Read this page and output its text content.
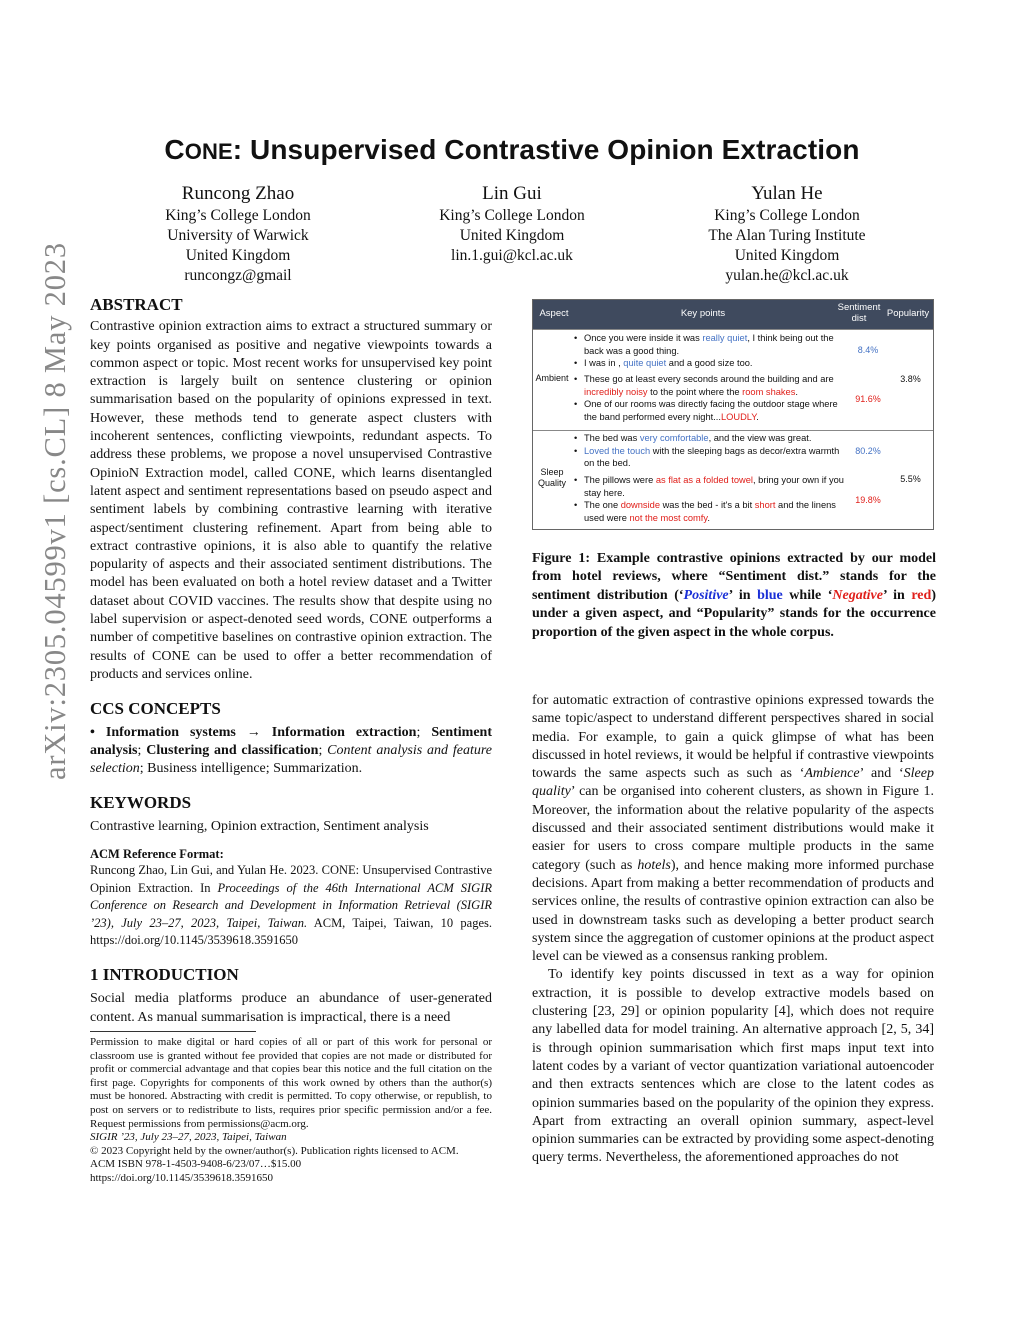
CONE: Unsupervised Contrastive Opinion Extraction
Runcong Zhao
King’s College London
University of Warwick
United Kingdom
runcongz@gmail
Lin Gui
King’s College London
United Kingdom
lin.1.gui@kcl.ac.uk
Yulan He
King’s College London
The Alan Turing Institute
United Kingdom
yulan.he@kcl.ac.uk
arXiv:2305.04599v1 [cs.CL] 8 May 2023 ABSTRACT

Contrastive opinion extraction aims to extract a structured summary or key points organised as positive and negative viewpoints towards a common aspect or topic. Most recent works for unsupervised key point extraction is largely built on sentence clustering or opinion summarisation based on the popularity of opinions expressed in text. However, these methods tend to generate aspect clusters with incoherent sentences, conflicting viewpoints, redundant aspects. To address these problems, we propose a novel unsupervised Contrastive OpinioN Extraction model, called CONE, which learns disentangled latent aspect and sentiment representations based on pseudo aspect and sentiment labels by combining contrastive learning with iterative aspect/sentiment clustering refinement. Apart from being able to extract contrastive opinions, it is also able to quantify the relative popularity of aspects and their associated sentiment distributions. The model has been evaluated on both a hotel review dataset and a Twitter dataset about COVID vaccines. The results show that despite using no label supervision or aspect-denoted seed words, CONE outperforms a number of competitive baselines on contrastive opinion extraction. The results of CONE can be used to offer a better recommendation of products and services online.

CCS CONCEPTS

• Information systems → Information extraction; Sentiment analysis; Clustering and classification; Content analysis and feature selection; Business intelligence; Summarization.

KEYWORDS

Contrastive learning, Opinion extraction, Sentiment analysis

ACM Reference Format:

Runcong Zhao, Lin Gui, and Yulan He. 2023. CONE: Unsupervised Contrastive Opinion Extraction. In Proceedings of the 46th International ACM SIGIR Conference on Research and Development in Information Retrieval (SIGIR ’23), July 23–27, 2023, Taipei, Taiwan. ACM, Taipei, Taiwan, 10 pages. https://doi.org/10.1145/3539618.3591650

1 INTRODUCTION

Social media platforms produce an abundance of user-generated content. As manual summarisation is impractical, there is a need

Permission to make digital or hard copies of all or part of this work for personal or classroom use is granted without fee provided that copies are not made or distributed for profit or commercial advantage and that copies bear this notice and the full citation on the first page. Copyrights for components of this work owned by others than the author(s) must be honored. Abstracting with credit is permitted. To copy otherwise, or republish, to post on servers or to redistribute to lists, requires prior specific permission and/or a fee. Request permissions from permissions@acm.org.

SIGIR ’23, July 23–27, 2023, Taipei, Taiwan

© 2023 Copyright held by the owner/author(s). Publication rights licensed to ACM.

ACM ISBN 978-1-4503-9408-6/23/07…$15.00

https://doi.org/10.1145/3539618.3591650

Aspect	Key points
Sentiment dist	Popularity
Ambient
• Once you were inside it was really quiet, I think being out the back was a good thing.
• I was in , quite quiet and a good size too.
• These go at least every seconds around the building and are incredibly noisy to the point where the room shakes.
• One of our rooms was directly facing the outdoor stage where the band performed every night...LOUDLY.
8.4%
91.6%
3.8%
Sleep
Quality
• The bed was very comfortable, and the view was great.
• Loved the touch with the sleeping bags as decor/extra warmth on the bed.
• The pillows were as flat as a folded towel, bring your own if you stay here.
• The one downside was the bed - it's a bit short and the linens used were not the most comfy.
80.2%
19.8%
5.5%
Figure 1: Example contrastive opinions extracted by our model from hotel reviews, where “Sentiment dist.” stands for the sentiment distribution (‘Positive’ in blue while ‘Negative’ in red) under a given aspect, and “Popularity” stands for the occurrence proportion of the given aspect in the whole corpus.

for automatic extraction of contrastive opinions expressed towards the same topic/aspect to understand different perspectives shared in social media. For example, to gain a quick glimpse of what has been discussed in hotel reviews, it would be helpful if contrastive viewpoints towards the same aspects such as such as ‘Ambience’ and ‘Sleep quality’ can be organised into coherent clusters, as shown in Figure 1. Moreover, the information about the relative popularity of the aspects discussed and their associated sentiment distributions would make it easier for users to cross compare multiple products in the same category (such as hotels), and hence making more informed purchase decisions. Apart from making a better recommendation of products and services online, the results of contrastive opinion extraction can also be used in downstream tasks such as developing a better product search system since the aggregation of customer opinions at the product aspect level can be viewed as a consensus ranking problem.

To identify key points discussed in text as a way for opinion extraction, it is possible to develop extractive models based on clustering [23, 29] or opinion popularity [4], which does not require any labelled data for model training. An alternative approach [2, 5, 34] is through opinion summarisation which first maps input text into latent codes by a variant of vector quantization variational autoencoder and then extracts sentences which are close to the latent codes as opinion summaries based on the popularity of the opinion they express. Apart from extracting an overall opinion summary, aspect-level opinion summaries can be extracted by providing some aspect-denoting query terms. Nevertheless, the aforementioned approaches do not
